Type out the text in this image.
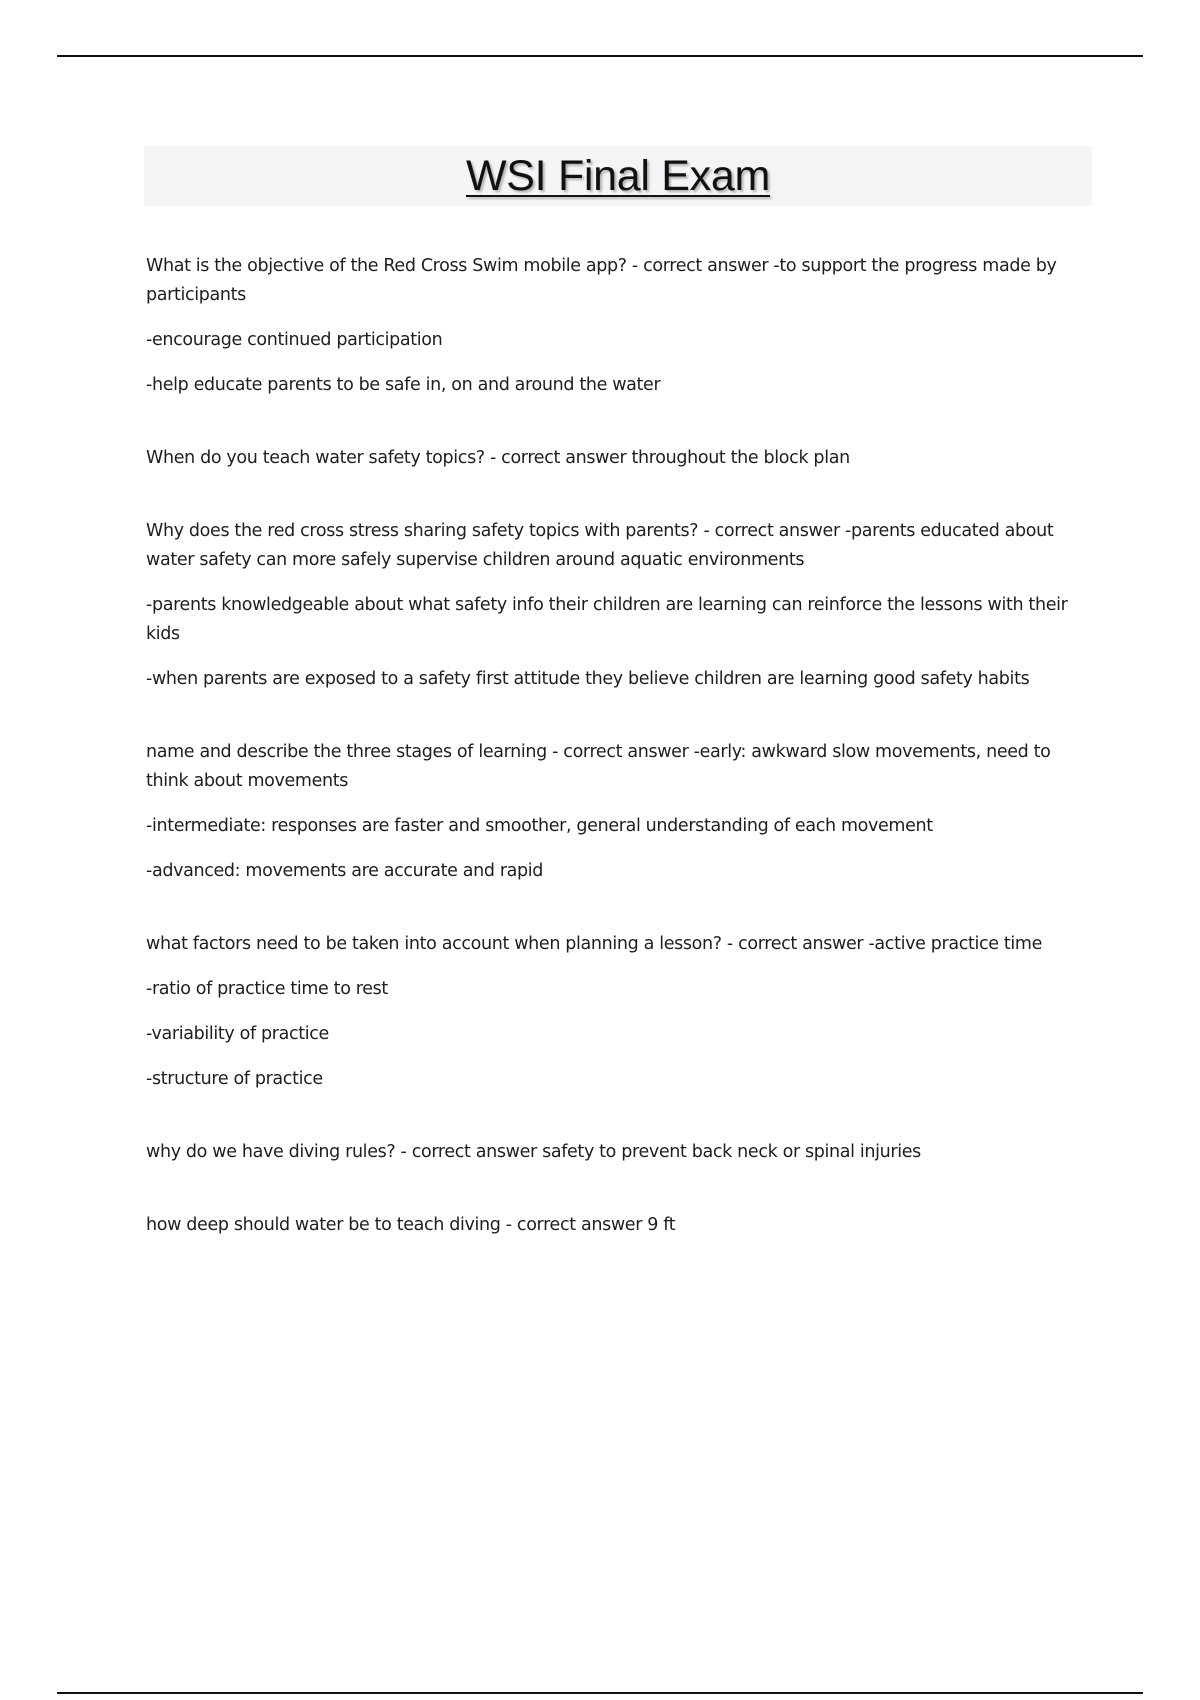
WSI Final Exam

What is the objective of the Red Cross Swim mobile app? - correct answer -to support the progress made by participants

-encourage continued participation

-help educate parents to be safe in, on and around the water

When do you teach water safety topics? - correct answer throughout the block plan

Why does the red cross stress sharing safety topics with parents? - correct answer -parents educated about water safety can more safely supervise children around aquatic environments

-parents knowledgeable about what safety info their children are learning can reinforce the lessons with their kids

-when parents are exposed to a safety first attitude they believe children are learning good safety habits

name and describe the three stages of learning - correct answer -early: awkward slow movements, need to think about movements

-intermediate: responses are faster and smoother, general understanding of each movement

-advanced: movements are accurate and rapid

what factors need to be taken into account when planning a lesson? - correct answer -active practice time

-ratio of practice time to rest

-variability of practice

-structure of practice

why do we have diving rules? - correct answer safety to prevent back neck or spinal injuries

how deep should water be to teach diving - correct answer 9 ft
